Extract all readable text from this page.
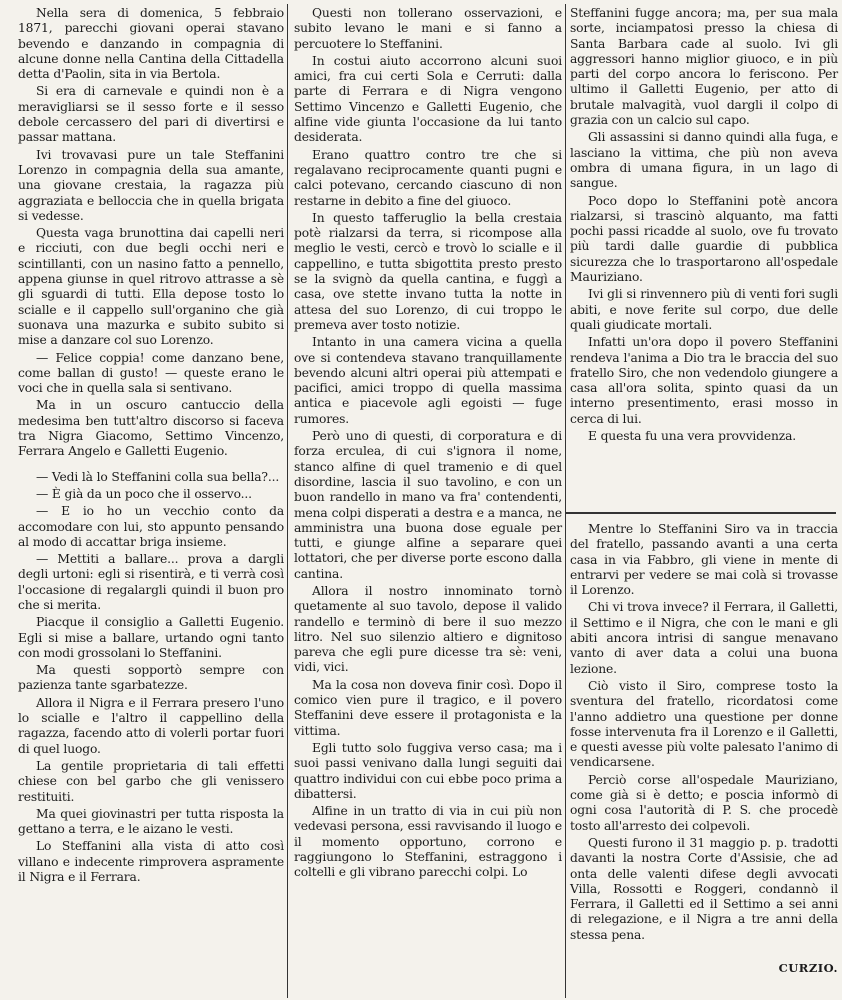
Nella sera di domenica, 5 febbraio 1871, parecchi giovani operai stavano bevendo e danzando in compagnia di alcune donne nella Cantina della Cittadella detta d'Paolin, sita in via Bertola.

Si era di carnevale e quindi non è a meravigliarsi se il sesso forte e il sesso debole cercassero del pari di divertirsi e passar mattana.

Ivi trovavasi pure un tale Steffanini Lorenzo in compagnia della sua amante, una giovane crestaia, la ragazza più aggraziata e belloccia che in quella brigata si vedesse.

Questa vaga brunottina dai capelli neri e ricciuti, con due begli occhi neri e scintillanti, con un nasino fatto a pennello, appena giunse in quel ritrovo attrasse a sè gli sguardi di tutti. Ella depose tosto lo scialle e il cappello sull'organino che già suonava una mazurka e subito subito si mise a danzare col suo Lorenzo.

— Felice coppia! come danzano bene, come ballan di gusto! — queste erano le voci che in quella sala si sentivano.

Ma in un oscuro cantuccio della medesima ben tutt'altro discorso si faceva tra Nigra Giacomo, Settimo Vincenzo, Ferrara Angelo e Galletti Eugenio.

— Vedi là lo Steffanini colla sua bella?...

— È già da un poco che il osservo...

— E io ho un vecchio conto da accomodare con lui, sto appunto pensando al modo di accattar briga insieme.

— Mettiti a ballare... prova a dargli degli urtoni: egli si risentirà, e ti verrà così l'occasione di regalargli quindi il buon pro che si merita.

Piacque il consiglio a Galletti Eugenio. Egli si mise a ballare, urtando ogni tanto con modi grossolani lo Steffanini.

Ma questi sopportò sempre con pazienza tante sgarbatezze.

Allora il Nigra e il Ferrara presero l'uno lo scialle e l'altro il cappellino della ragazza, facendo atto di volerli portar fuori di quel luogo.

La gentile proprietaria di tali effetti chiese con bel garbo che gli venissero restituiti.

Ma quei giovinastri per tutta risposta la gettano a terra, e le aizano le vesti.

Lo Steffanini alla vista di atto così villano e indecente rimprovera aspramente il Nigra e il Ferrara.

Questi non tollerano osservazioni, e subito levano le mani e si fanno a percuotere lo Steffanini.

In costui aiuto accorrono alcuni suoi amici, fra cui certi Sola e Cerruti: dalla parte di Ferrara e di Nigra vengono Settimo Vincenzo e Galletti Eugenio, che alfine vide giunta l'occasione da lui tanto desiderata.

Erano quattro contro tre che si regalavano reciprocamente quanti pugni e calci potevano, cercando ciascuno di non restarne in debito a fine del giuoco.

In questo tafferuglio la bella crestaia potè rialzarsi da terra, si ricompose alla meglio le vesti, cercò e trovò lo scialle e il cappellino, e tutta sbigottita presto presto se la svignò da quella cantina, e fuggì a casa, ove stette invano tutta la notte in attesa del suo Lorenzo, di cui troppo le premeva aver tosto notizie.

Intanto in una camera vicina a quella ove si contendeva stavano tranquillamente bevendo alcuni altri operai più attempati e pacifici, amici troppo di quella massima antica e piacevole agli egoisti — fuge rumores.

Però uno di questi, di corporatura e di forza erculea, di cui s'ignora il nome, stanco alfine di quel tramenio e di quel disordine, lascia il suo tavolino, e con un buon randello in mano va fra' contendenti, mena colpi disperati a destra e a manca, ne amministra una buona dose eguale per tutti, e giunge alfine a separare quei lottatori, che per diverse porte escono dalla cantina.

Allora il nostro innominato tornò quetamente al suo tavolo, depose il valido randello e terminò di bere il suo mezzo litro. Nel suo silenzio altiero e dignitoso pareva che egli pure dicesse tra sè: veni, vidi, vici.

Ma la cosa non doveva finir così. Dopo il comico vien pure il tragico, e il povero Steffanini deve essere il protagonista e la vittima.

Egli tutto solo fuggiva verso casa; ma i suoi passi venivano dalla lungi seguiti dai quattro individui con cui ebbe poco prima a dibattersi.

Alfine in un tratto di via in cui più non vedevasi persona, essi ravvisando il luogo e il momento opportuno, corrono e raggiungono lo Steffanini, estraggono i coltelli e gli vibrano parecchi colpi. Lo

Steffanini fugge ancora; ma, per sua mala sorte, inciampatosi presso la chiesa di Santa Barbara cade al suolo. Ivi gli aggressori hanno miglior giuoco, e in più parti del corpo ancora lo feriscono. Per ultimo il Galletti Eugenio, per atto di brutale malvagità, vuol dargli il colpo di grazia con un calcio sul capo.

Gli assassini si danno quindi alla fuga, e lasciano la vittima, che più non aveva ombra di umana figura, in un lago di sangue.

Poco dopo lo Steffanini potè ancora rialzarsi, si trascinò alquanto, ma fatti pochi passi ricadde al suolo, ove fu trovato più tardi dalle guardie di pubblica sicurezza che lo trasportarono all'ospedale Mauriziano.

Ivi gli si rinvennero più di venti fori sugli abiti, e nove ferite sul corpo, due delle quali giudicate mortali.

Infatti un'ora dopo il povero Steffanini rendeva l'anima a Dio tra le braccia del suo fratello Siro, che non vedendolo giungere a casa all'ora solita, spinto quasi da un interno presentimento, erasi mosso in cerca di lui.

E questa fu una vera provvidenza.

Mentre lo Steffanini Siro va in traccia del fratello, passando avanti a una certa casa in via Fabbro, gli viene in mente di entrarvi per vedere se mai colà si trovasse il Lorenzo.

Chi vi trova invece? il Ferrara, il Galletti, il Settimo e il Nigra, che con le mani e gli abiti ancora intrisi di sangue menavano vanto di aver data a colui una buona lezione.

Ciò visto il Siro, comprese tosto la sventura del fratello, ricordatosi come l'anno addietro una questione per donne fosse intervenuta fra il Lorenzo e il Galletti, e questi avesse più volte palesato l'animo di vendicarsene.

Perciò corse all'ospedale Mauriziano, come già si è detto; e poscia informò di ogni cosa l'autorità di P. S. che procedè tosto all'arresto dei colpevoli.

Questi furono il 31 maggio p. p. tradotti davanti la nostra Corte d'Assisie, che ad onta delle valenti difese degli avvocati Villa, Rossotti e Roggeri, condannò il Ferrara, il Galletti ed il Settimo a sei anni di relegazione, e il Nigra a tre anni della stessa pena.

CURZIO.
